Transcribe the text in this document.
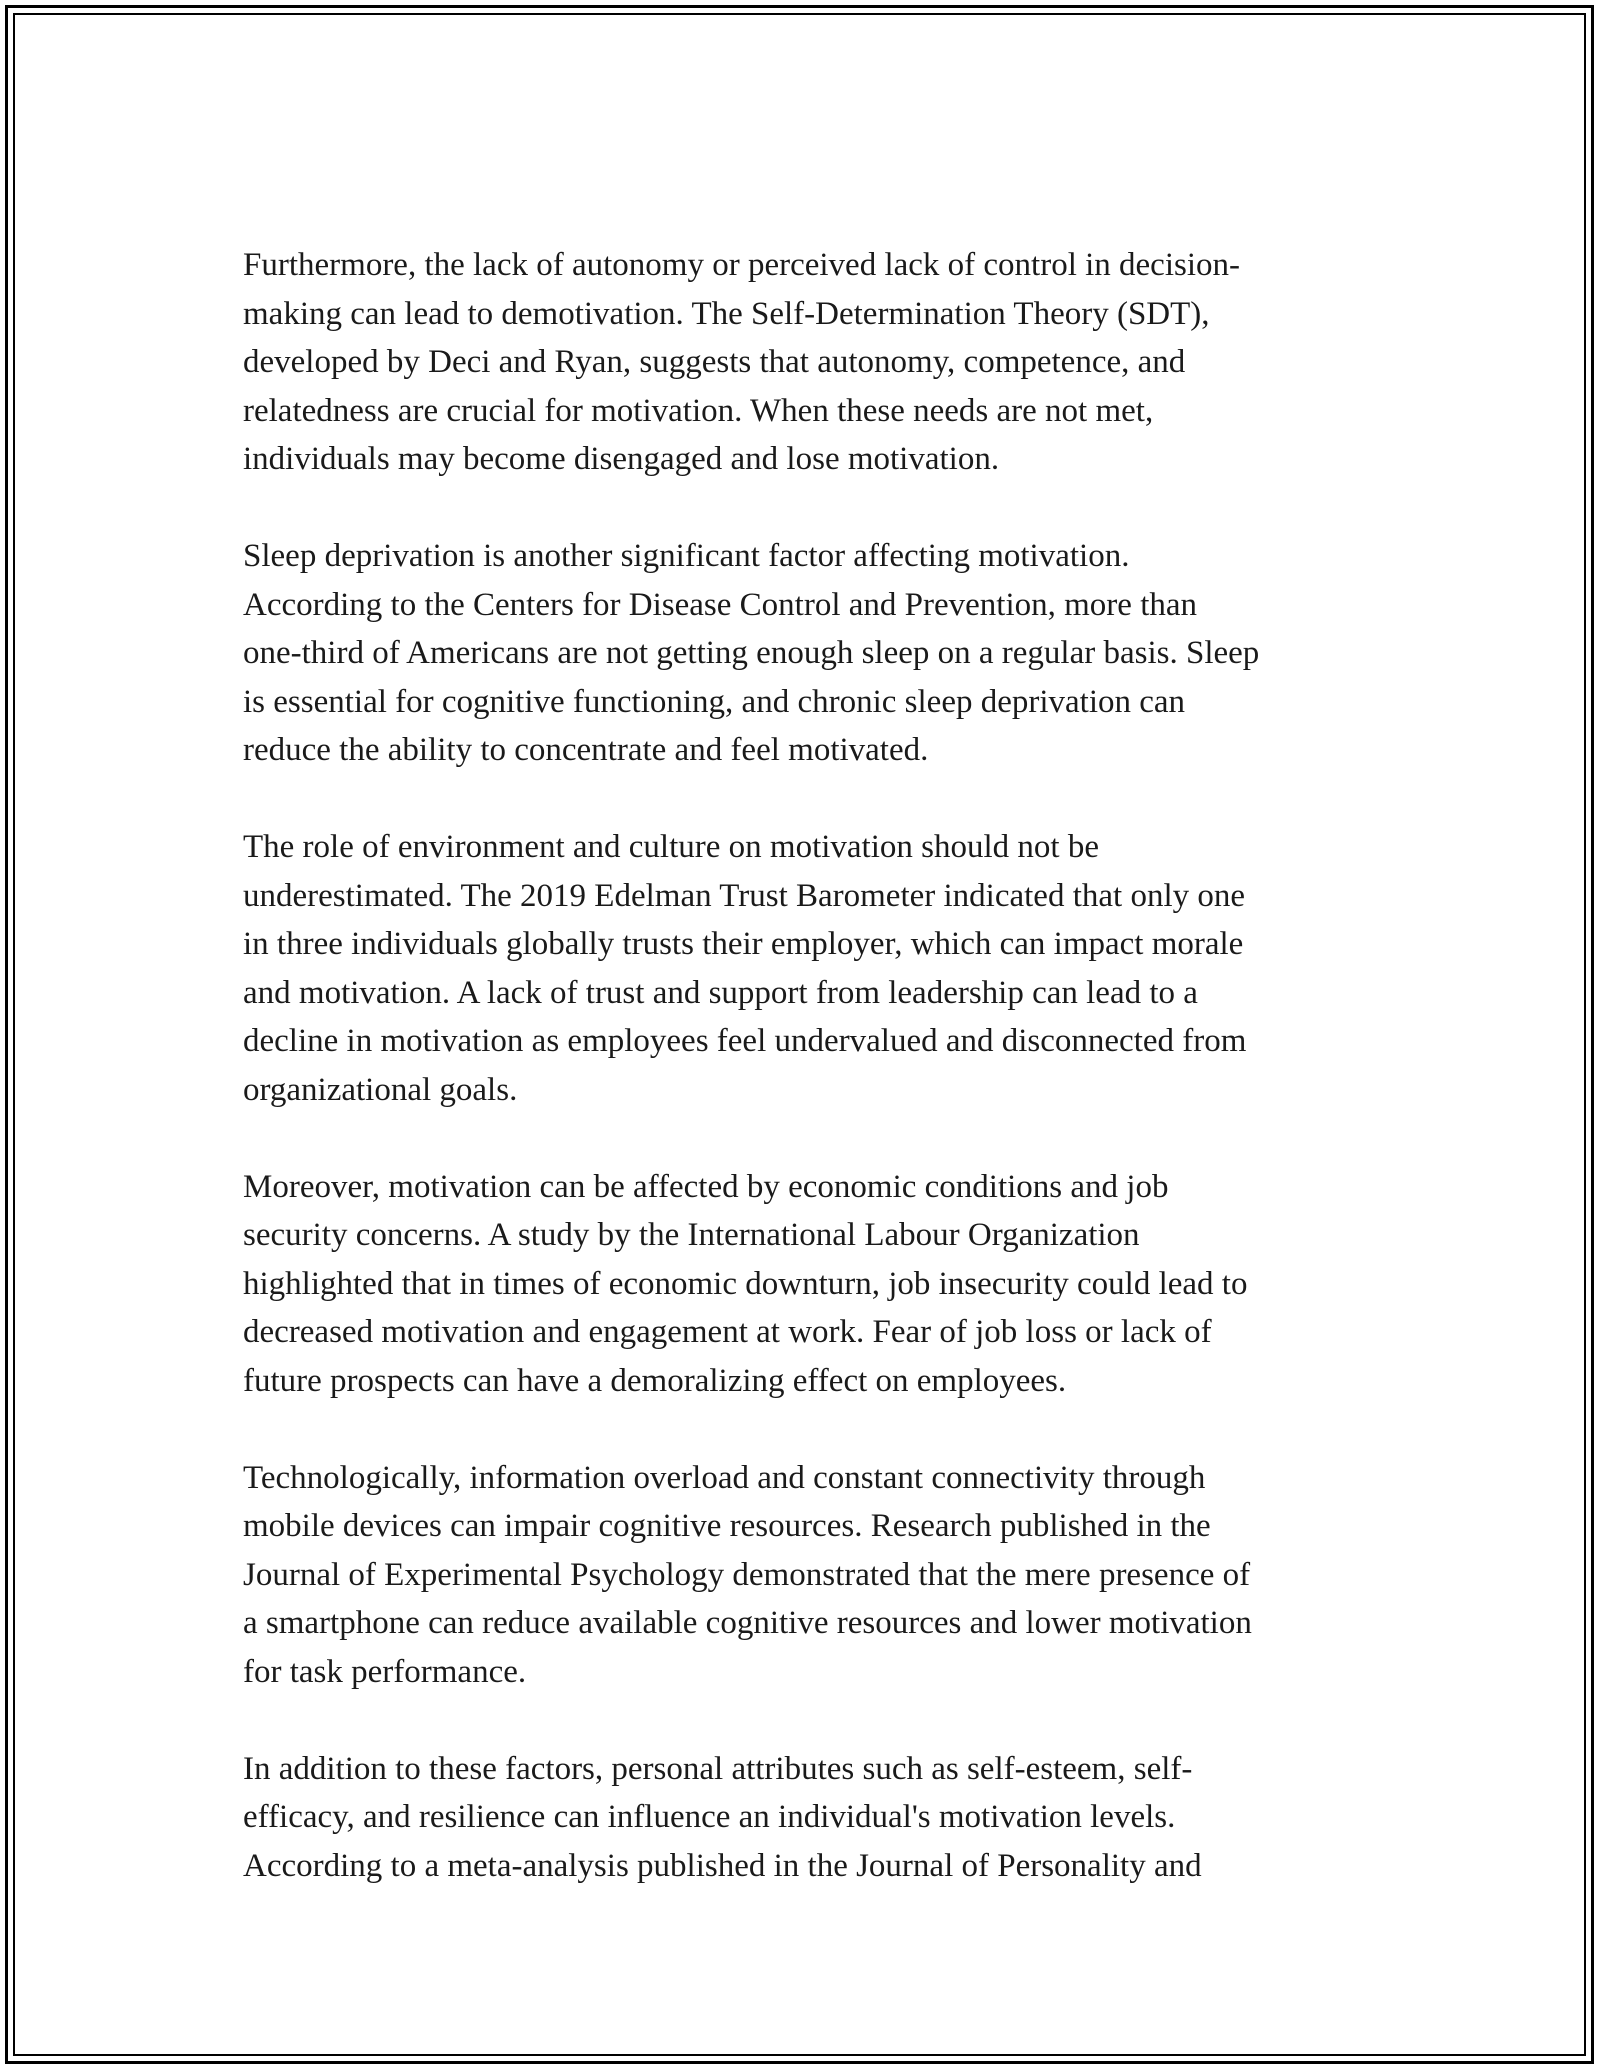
Furthermore, the lack of autonomy or perceived lack of control in decision-
making can lead to demotivation. The Self-Determination Theory (SDT),
developed by Deci and Ryan, suggests that autonomy, competence, and
relatedness are crucial for motivation. When these needs are not met,
individuals may become disengaged and lose motivation.

Sleep deprivation is another significant factor affecting motivation.
According to the Centers for Disease Control and Prevention, more than
one-third of Americans are not getting enough sleep on a regular basis. Sleep
is essential for cognitive functioning, and chronic sleep deprivation can
reduce the ability to concentrate and feel motivated.

The role of environment and culture on motivation should not be
underestimated. The 2019 Edelman Trust Barometer indicated that only one
in three individuals globally trusts their employer, which can impact morale
and motivation. A lack of trust and support from leadership can lead to a
decline in motivation as employees feel undervalued and disconnected from
organizational goals.

Moreover, motivation can be affected by economic conditions and job
security concerns. A study by the International Labour Organization
highlighted that in times of economic downturn, job insecurity could lead to
decreased motivation and engagement at work. Fear of job loss or lack of
future prospects can have a demoralizing effect on employees.

Technologically, information overload and constant connectivity through
mobile devices can impair cognitive resources. Research published in the
Journal of Experimental Psychology demonstrated that the mere presence of
a smartphone can reduce available cognitive resources and lower motivation
for task performance.

In addition to these factors, personal attributes such as self-esteem, self-
efficacy, and resilience can influence an individual's motivation levels.
According to a meta-analysis published in the Journal of Personality and
